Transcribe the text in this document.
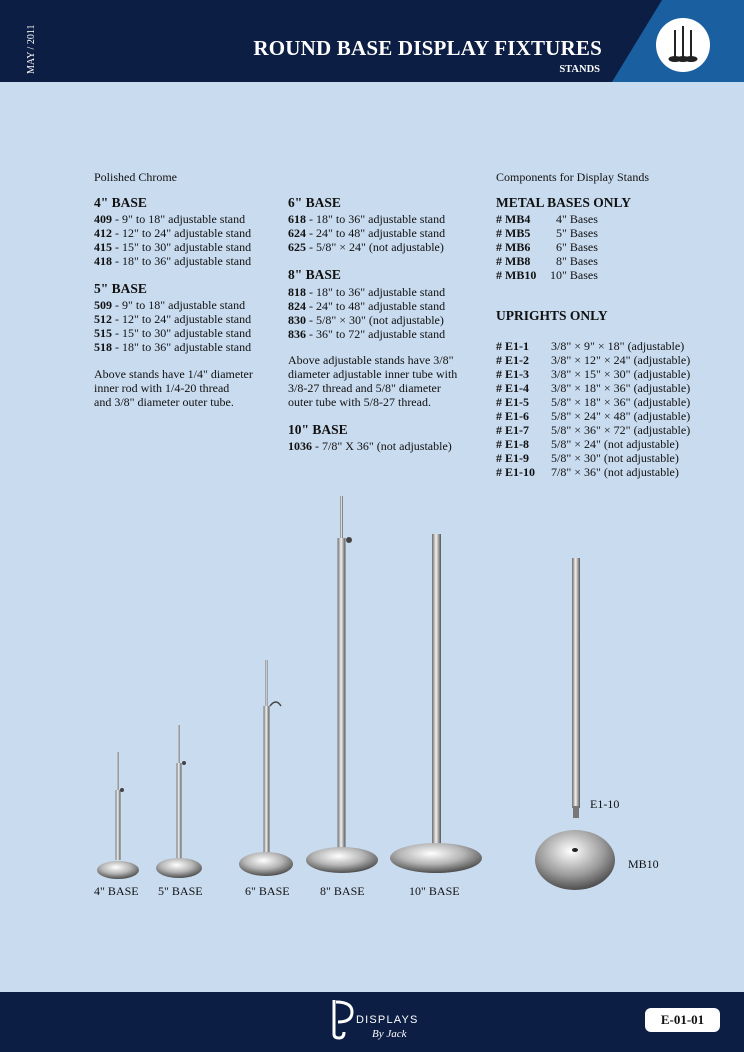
MAY / 2011	ROUND BASE DISPLAY FIXTURES
STANDS
Polished Chrome
4" BASE
409 - 9" to 18" adjustable stand
412 - 12" to 24" adjustable stand
415 - 15" to 30" adjustable stand
418 - 18" to 36" adjustable stand
5" BASE
509 - 9" to 18" adjustable stand
512 - 12" to 24" adjustable stand
515 - 15" to 30" adjustable stand
518 - 18" to 36" adjustable stand
Above stands have 1/4" diameter
inner rod with 1/4-20 thread
and 3/8" diameter outer tube.
6" BASE
618 - 18" to 36" adjustable stand
624 - 24" to 48" adjustable stand
625 - 5/8" × 24" (not adjustable)
8" BASE
818 - 18" to 36" adjustable stand
824 - 24" to 48" adjustable stand
830 - 5/8" × 30" (not adjustable)
836 - 36" to 72" adjustable stand
Above adjustable stands have 3/8"
diameter adjustable inner tube with
3/8-27 thread and 5/8" diameter
outer tube with 5/8-27 thread.
10" BASE
1036 - 7/8" X 36" (not adjustable)
Components for Display Stands
METAL BASES ONLY
# MB4 4" Bases
# MB5 5" Bases
# MB6 6" Bases
# MB8 8" Bases
# MB10 10" Bases
UPRIGHTS ONLY
# E1-1 3/8" × 9" × 18" (adjustable)
# E1-2 3/8" × 12" × 24" (adjustable)
# E1-3 3/8" × 15" × 30" (adjustable)
# E1-4 3/8" × 18" × 36" (adjustable)
# E1-5 5/8" × 18" × 36" (adjustable)
# E1-6 5/8" × 24" × 48" (adjustable)
# E1-7 5/8" × 36" × 72" (adjustable)
# E1-8 5/8" × 24" (not adjustable)
# E1-9 5/8" × 30" (not adjustable)
# E1-10 7/8" × 36" (not adjustable)
4" BASE 5" BASE	6" BASE	8" BASE	10" BASE
E1-10
MB10
DISPLAYS
By Jack
E-01-01
